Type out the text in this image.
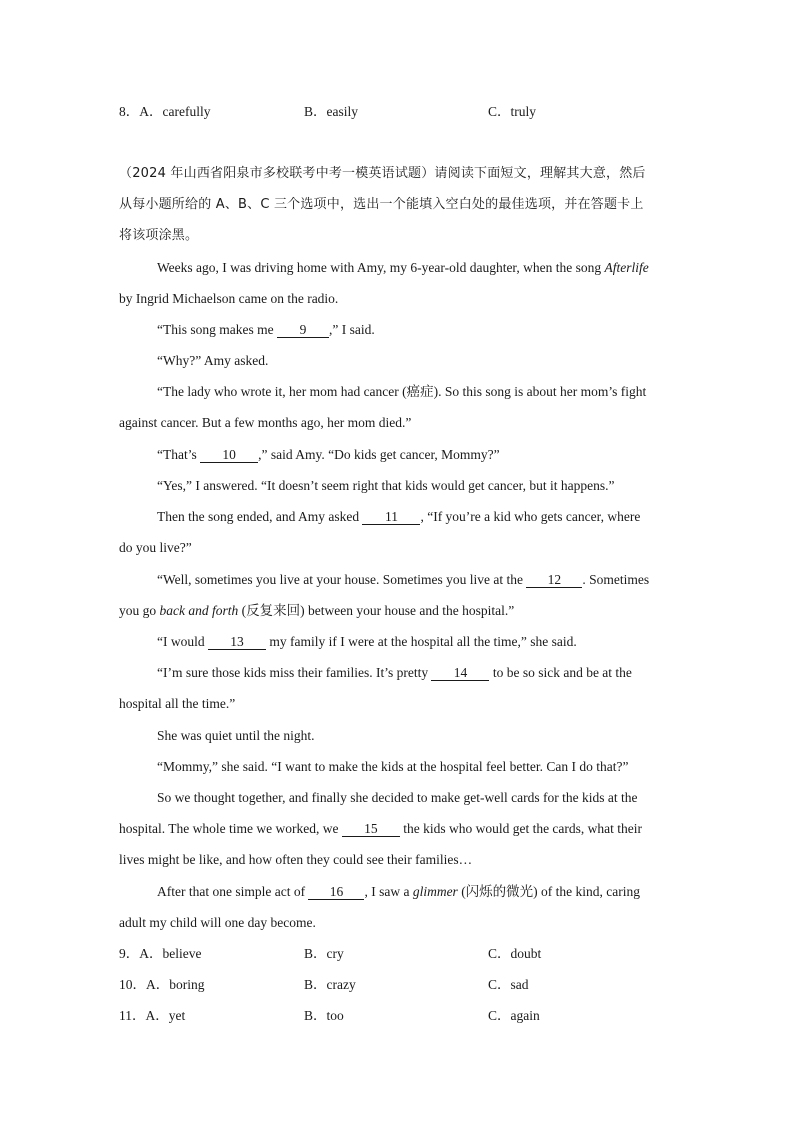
8．A．carefully	B．easily	C．truly
（2024 年山西省阳泉市多校联考中考一模英语试题）请阅读下面短文，理解其大意，然后
从每小题所给的 A、B、C 三个选项中，选出一个能填入空白处的最佳选项，并在答题卡上
将该项涂黑。
Weeks ago, I was driving home with Amy, my 6-year-old daughter, when the song Afterlife
by Ingrid Michaelson came on the radio.
“This song makes me 9 ,” I said.
“Why?” Amy asked.
“The lady who wrote it, her mom had cancer (癌症). So this song is about her mom’s fight
against cancer. But a few months ago, her mom died.”
“That’s 10 ,” said Amy. “Do kids get cancer, Mommy?”
“Yes,” I answered. “It doesn’t seem right that kids would get cancer, but it happens.”
Then the song ended, and Amy asked 11 , “If you’re a kid who gets cancer, where
do you live?”
“Well, sometimes you live at your house. Sometimes you live at the 12 . Sometimes
you go back and forth (反复来回) between your house and the hospital.”
“I would 13 my family if I were at the hospital all the time,” she said.
“I’m sure those kids miss their families. It’s pretty 14 to be so sick and be at the
hospital all the time.”
She was quiet until the night.
“Mommy,” she said. “I want to make the kids at the hospital feel better. Can I do that?”
So we thought together, and finally she decided to make get-well cards for the kids at the
hospital. The whole time we worked, we 15 the kids who would get the cards, what their
lives might be like, and how often they could see their families…
After that one simple act of 16 , I saw a glimmer (闪烁的微光) of the kind, caring
adult my child will one day become.
9．A．believe	B．cry	C．doubt
10．A．boring	B．crazy	C．sad
11．A．yet	B．too	C．again
